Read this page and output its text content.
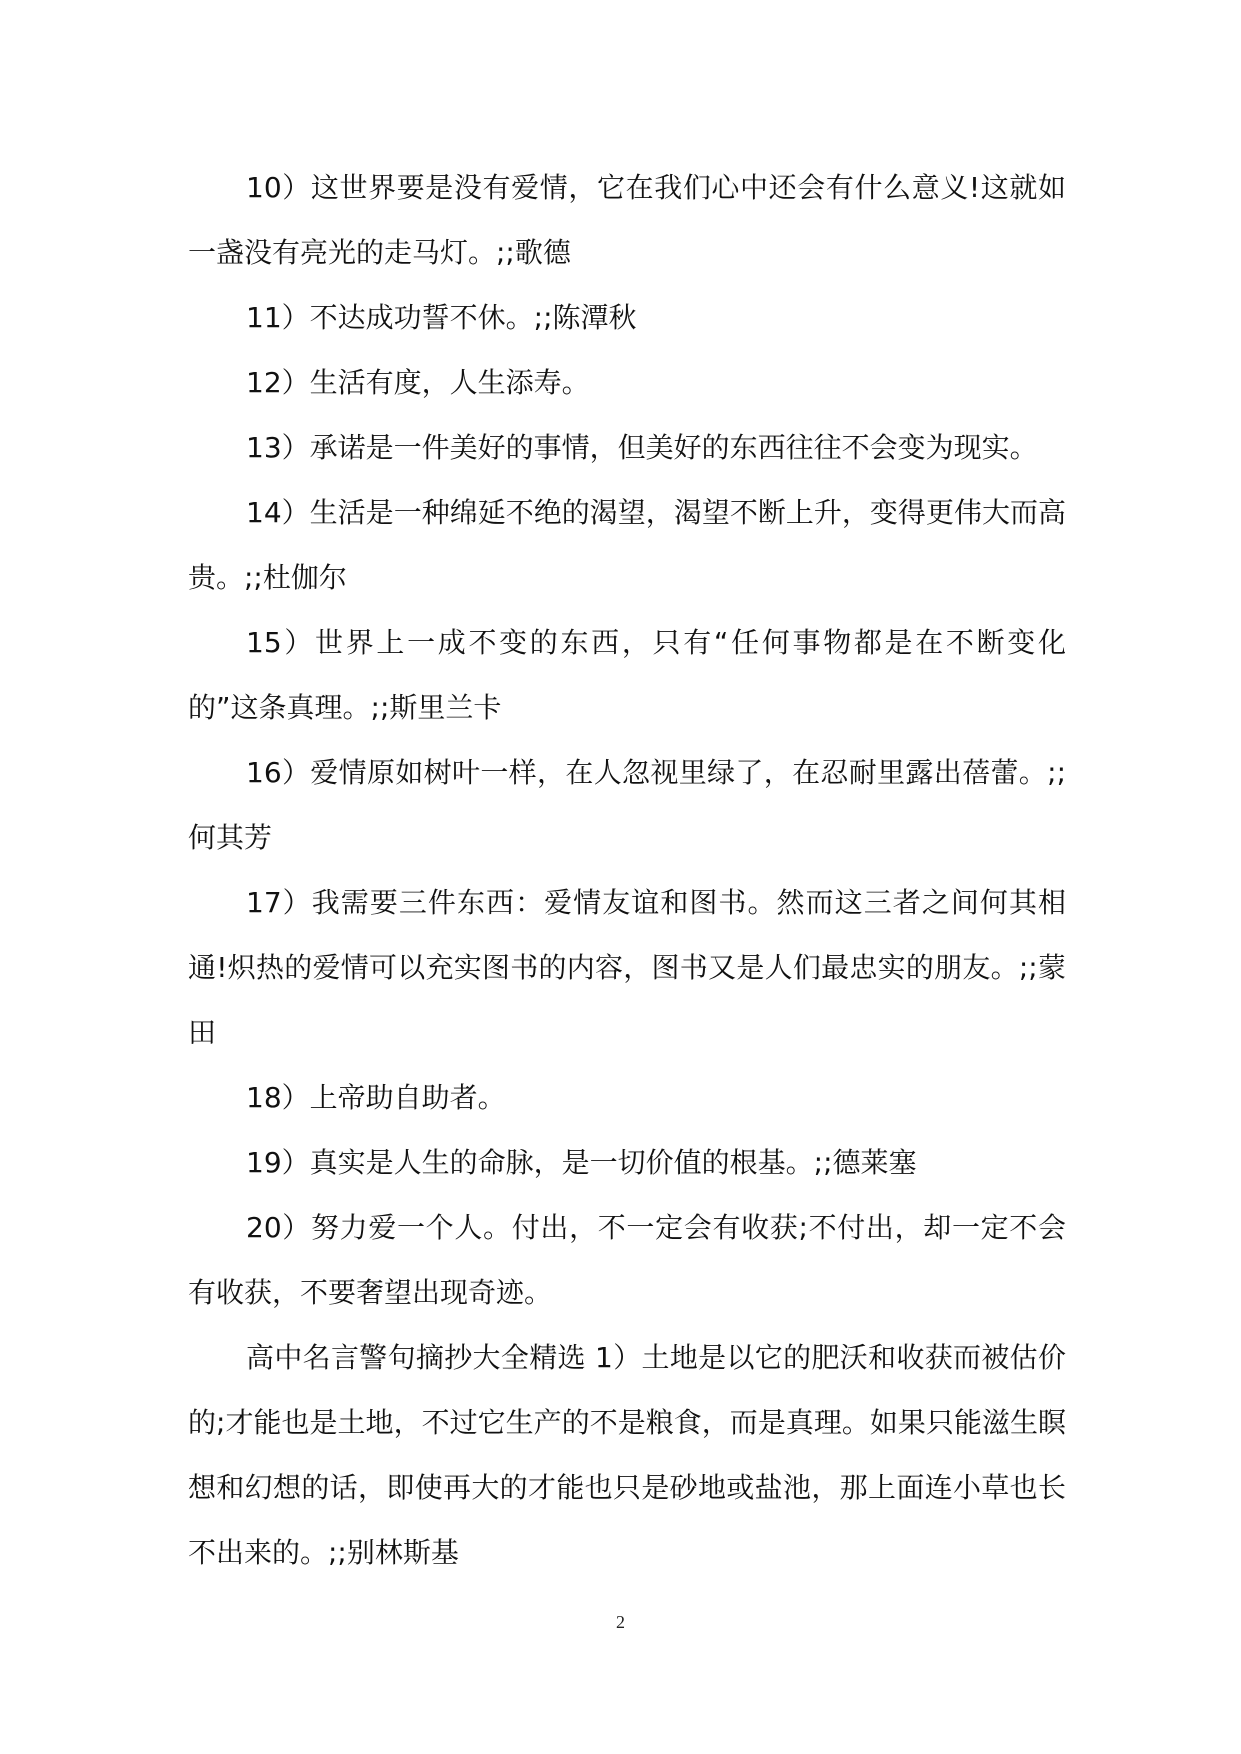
10）这世界要是没有爱情，它在我们心中还会有什么意义!这就如一盏没有亮光的走马灯。;;歌德

11）不达成功誓不休。;;陈潭秋

12）生活有度，人生添寿。

13）承诺是一件美好的事情，但美好的东西往往不会变为现实。

14）生活是一种绵延不绝的渴望，渴望不断上升，变得更伟大而高贵。;;杜伽尔

15）世界上一成不变的东西，只有“任何事物都是在不断变化的”这条真理。;;斯里兰卡

16）爱情原如树叶一样，在人忽视里绿了，在忍耐里露出蓓蕾。;;何其芳

17）我需要三件东西：爱情友谊和图书。然而这三者之间何其相通!炽热的爱情可以充实图书的内容，图书又是人们最忠实的朋友。;;蒙田

18）上帝助自助者。

19）真实是人生的命脉，是一切价值的根基。;;德莱塞

20）努力爱一个人。付出，不一定会有收获;不付出，却一定不会有收获，不要奢望出现奇迹。

高中名言警句摘抄大全精选 1）土地是以它的肥沃和收获而被估价的;才能也是土地，不过它生产的不是粮食，而是真理。如果只能滋生瞑想和幻想的话，即使再大的才能也只是砂地或盐池，那上面连小草也长不出来的。;;别林斯基

2
